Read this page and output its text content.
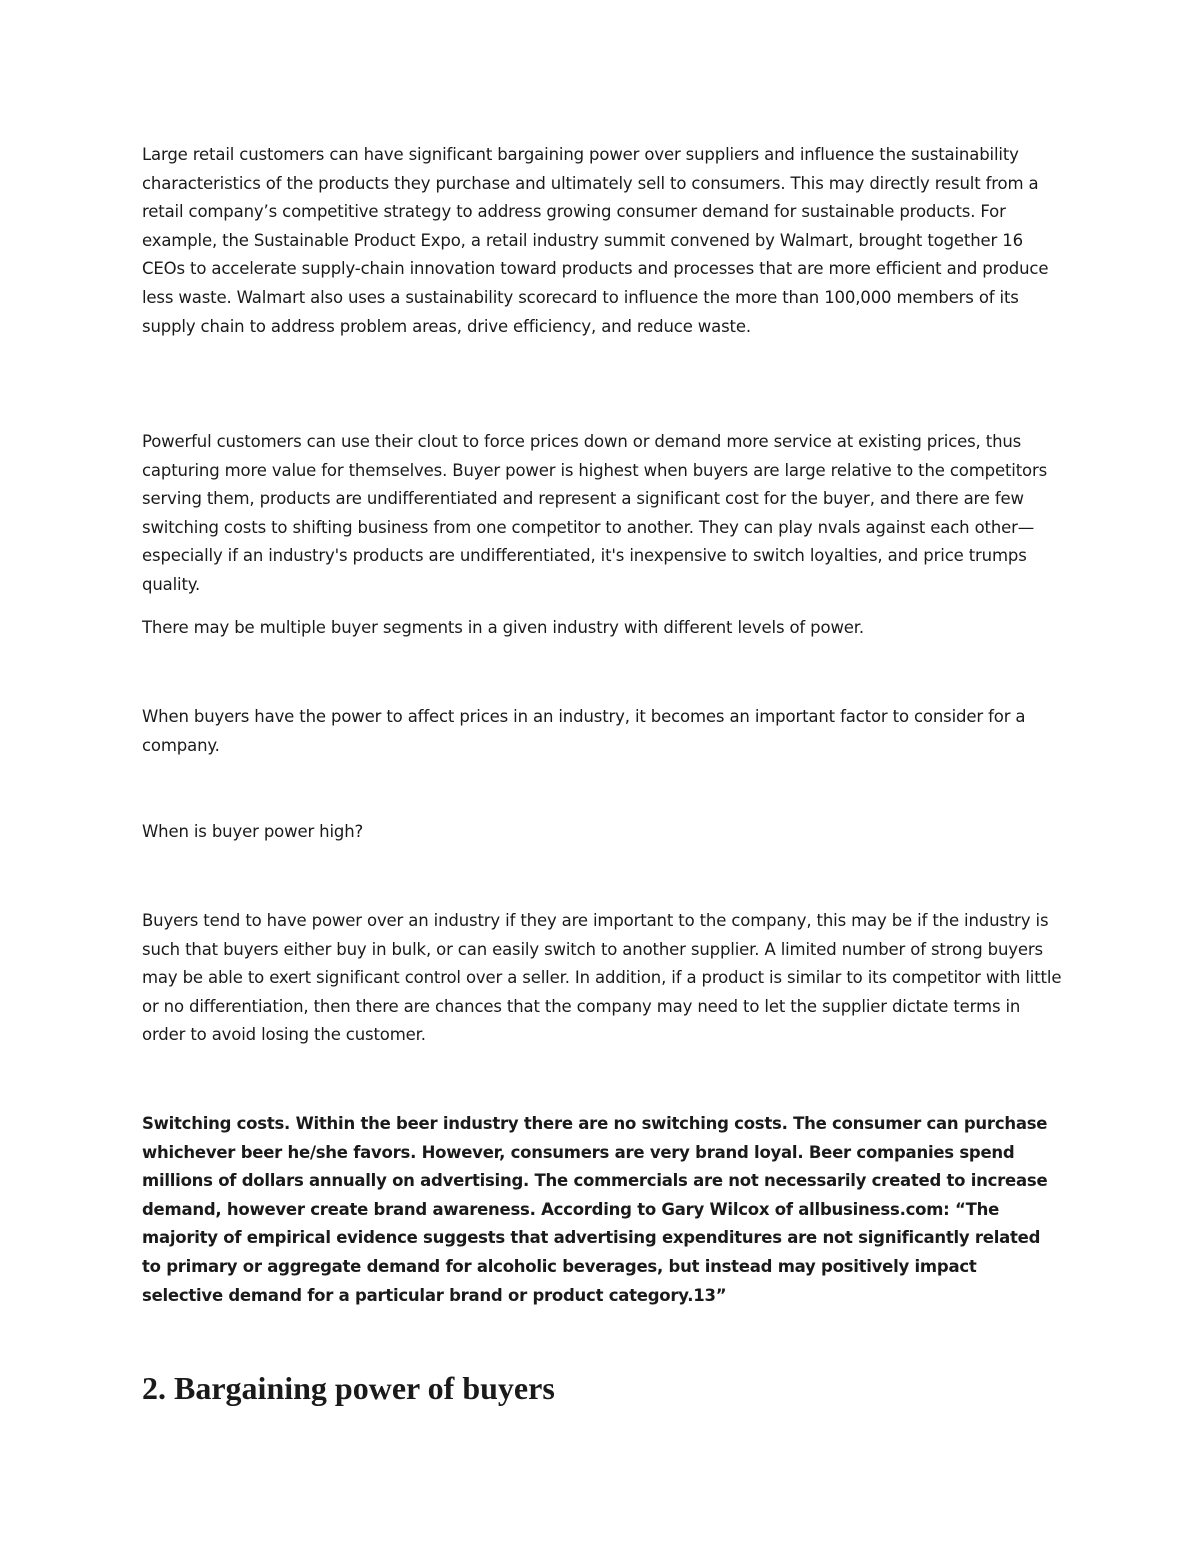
Large retail customers can have significant bargaining power over suppliers and influence the sustainability characteristics of the products they purchase and ultimately sell to consumers. This may directly result from a retail company’s competitive strategy to address growing consumer demand for sustainable products. For example, the Sustainable Product Expo, a retail industry summit convened by Walmart, brought together 16 CEOs to accelerate supply-chain innovation toward products and processes that are more efficient and produce less waste. Walmart also uses a sustainability scorecard to influence the more than 100,000 members of its supply chain to address problem areas, drive efficiency, and reduce waste.

Powerful customers can use their clout to force prices down or demand more service at existing prices, thus capturing more value for themselves. Buyer power is highest when buyers are large relative to the competitors serving them, products are undifferentiated and represent a significant cost for the buyer, and there are few switching costs to shifting business from one competitor to another. They can play nvals against each other—especially if an industry's products are undifferentiated, it's inexpensive to switch loyalties, and price trumps quality.

There may be multiple buyer segments in a given industry with different levels of power.

When buyers have the power to affect prices in an industry, it becomes an important factor to consider for a company.

When is buyer power high?

Buyers tend to have power over an industry if they are important to the company, this may be if the industry is such that buyers either buy in bulk, or can easily switch to another supplier. A limited number of strong buyers may be able to exert significant control over a seller. In addition, if a product is similar to its competitor with little or no differentiation, then there are chances that the company may need to let the supplier dictate terms in order to avoid losing the customer.

Switching costs. Within the beer industry there are no switching costs. The consumer can purchase whichever beer he/she favors. However, consumers are very brand loyal. Beer companies spend millions of dollars annually on advertising. The commercials are not necessarily created to increase demand, however create brand awareness. According to Gary Wilcox of allbusiness.com: “The majority of empirical evidence suggests that advertising expenditures are not significantly related to primary or aggregate demand for alcoholic beverages, but instead may positively impact selective demand for a particular brand or product category.13”

2. Bargaining power of buyers
